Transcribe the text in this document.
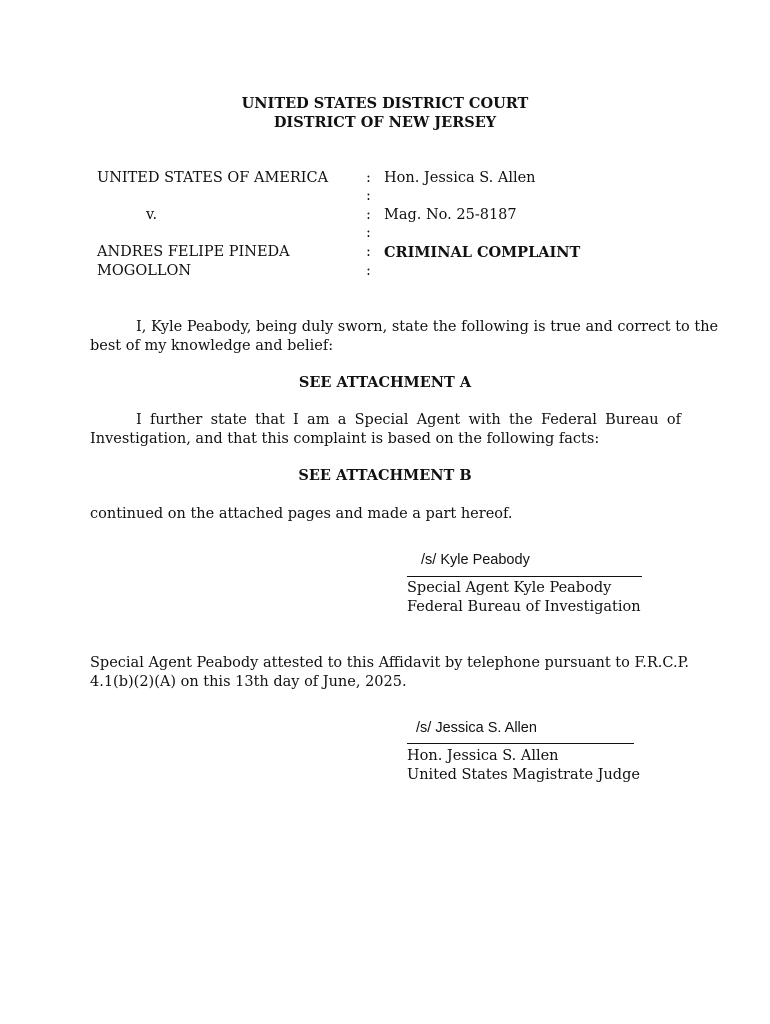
UNITED STATES DISTRICT COURT
DISTRICT OF NEW JERSEY
UNITED STATES OF AMERICA
v.
ANDRES FELIPE PINEDA
MOGOLLON
:
:
:
:
:
:
Hon. Jessica S. Allen
Mag. No. 25-8187
CRIMINAL COMPLAINT
I, Kyle Peabody, being duly sworn, state the following is true and correct to the
best of my knowledge and belief:
SEE ATTACHMENT A
I further state that I am a Special Agent with the Federal Bureau of
Investigation, and that this complaint is based on the following facts:
SEE ATTACHMENT B
continued on the attached pages and made a part hereof.
/s/ Kyle Peabody
Special Agent Kyle Peabody
Federal Bureau of Investigation
Special Agent Peabody attested to this Affidavit by telephone pursuant to F.R.C.P.
4.1(b)(2)(A) on this 13th day of June, 2025.
/s/ Jessica S. Allen
Hon. Jessica S. Allen
United States Magistrate Judge
